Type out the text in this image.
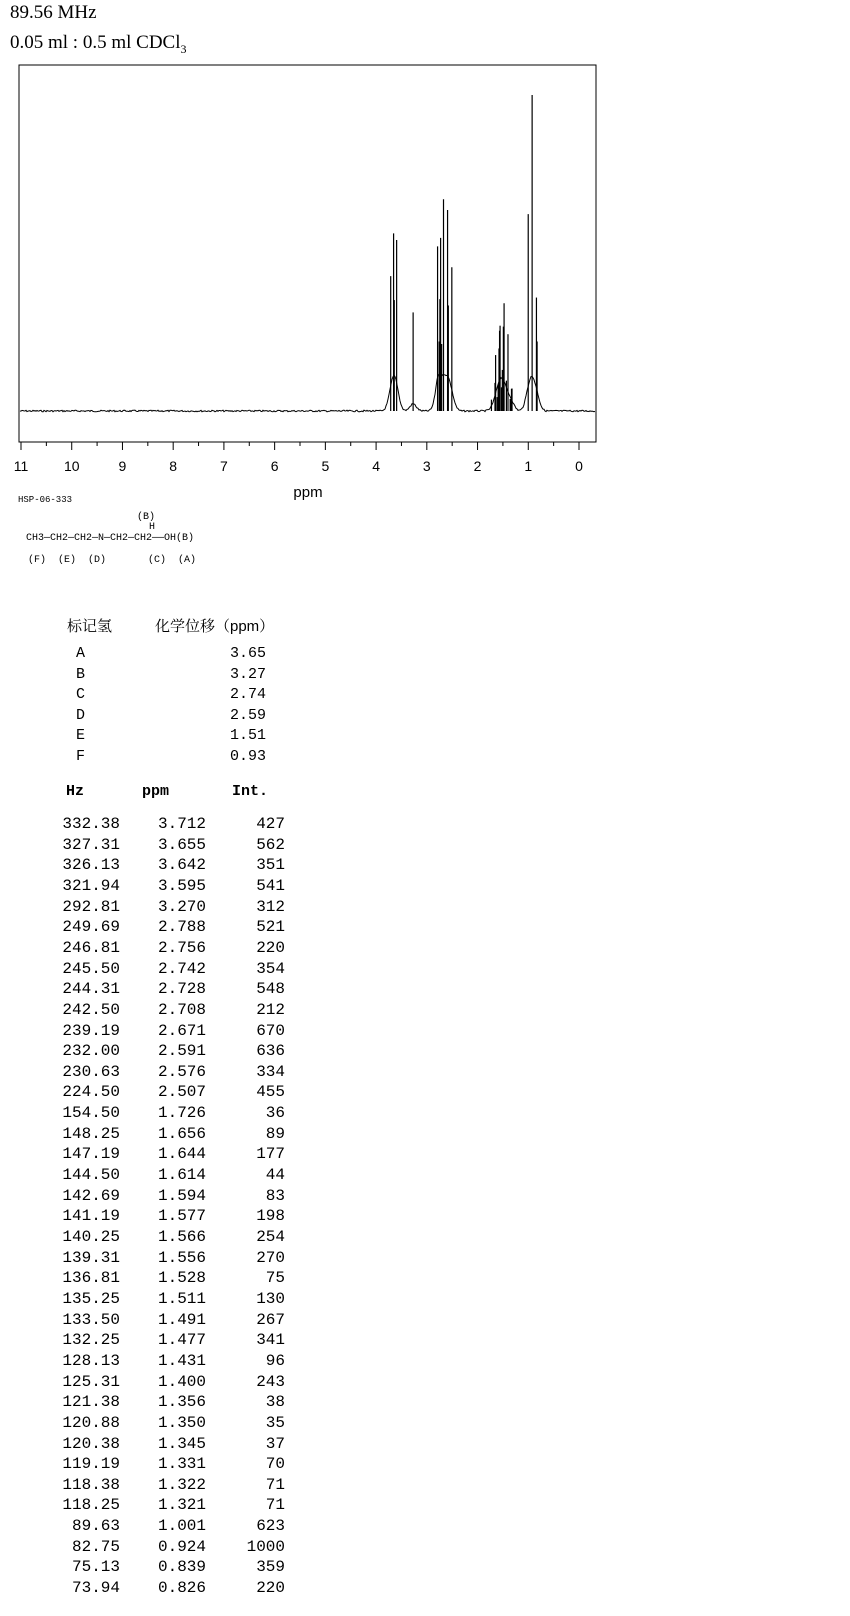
89.56 MHz
0.05 ml : 0.5 ml CDCl$_3$
11	10	9	8	7	6	5	4	3	2	1	0
ppm
HSP-06-333
(B)
H
CH3—CH2—CH2—N—CH2—CH2——OH(B)
(F)  (E)  (D)       (C)  (A)
标记氢	化学位移（ppm）
A	3.65
B	3.27
C	2.74
D	2.59
E	1.51
F	0.93
Hz	ppm	Int.
332.38	3.712	427
327.31	3.655	562
326.13	3.642	351
321.94	3.595	541
292.81	3.270	312
249.69	2.788	521
246.81	2.756	220
245.50	2.742	354
244.31	2.728	548
242.50	2.708	212
239.19	2.671	670
232.00	2.591	636
230.63	2.576	334
224.50	2.507	455
154.50	1.726	36
148.25	1.656	89
147.19	1.644	177
144.50	1.614	44
142.69	1.594	83
141.19	1.577	198
140.25	1.566	254
139.31	1.556	270
136.81	1.528	75
135.25	1.511	130
133.50	1.491	267
132.25	1.477	341
128.13	1.431	96
125.31	1.400	243
121.38	1.356	38
120.88	1.350	35
120.38	1.345	37
119.19	1.331	70
118.38	1.322	71
118.25	1.321	71
89.63	1.001	623
82.75	0.924	1000
75.13	0.839	359
73.94	0.826	220
